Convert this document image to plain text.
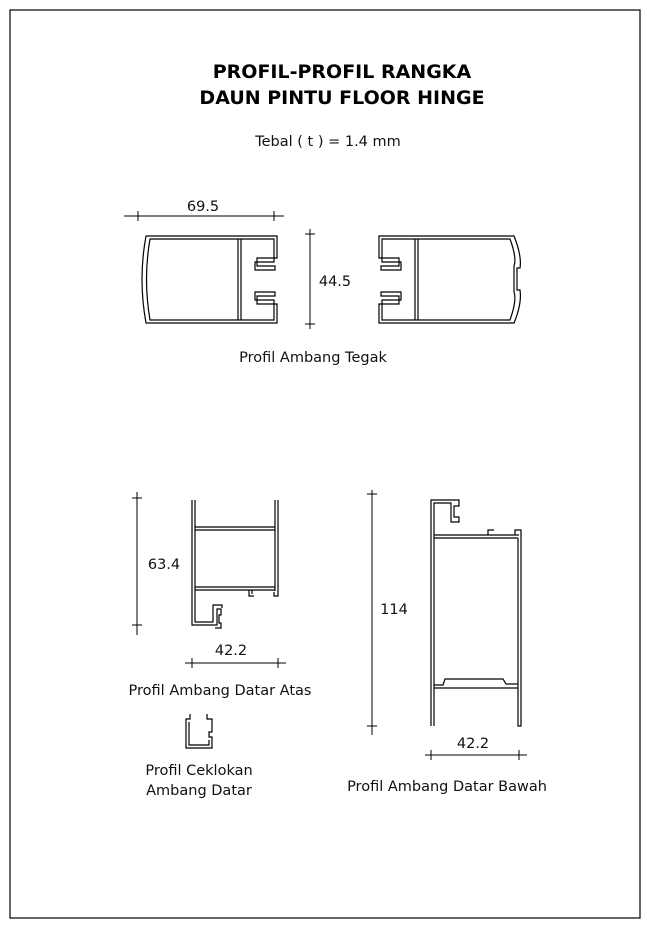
PROFIL-PROFIL RANGKA
DAUN PINTU FLOOR HINGE
Tebal ( t ) = 1.4 mm
69.5
44.5
Profil Ambang Tegak
63.4
42.2
Profil Ambang Datar Atas
Profil Ceklokan
Ambang Datar
114
42.2
Profil Ambang Datar Bawah
